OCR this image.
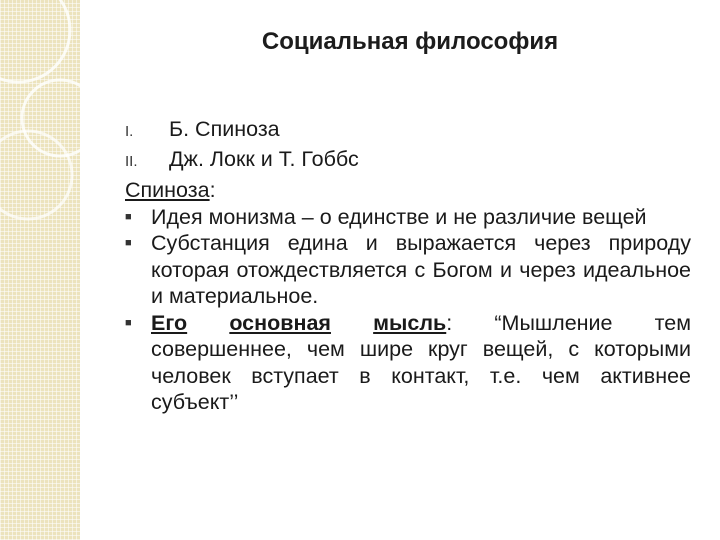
Социальная философия
I.	Б. Спиноза
II.	Дж. Локк и Т. Гоббс
Спиноза:
■ Идея монизма – о единстве и не различие вещей
■ Субстанция едина и выражается через природу которая отождествляется с Богом и через идеальное и материальное.
■ Его основная мысль: “Мышление тем совершеннее, чем шире круг вещей, с которыми человек вступает в контакт, т.е. чем активнее субъект’’
